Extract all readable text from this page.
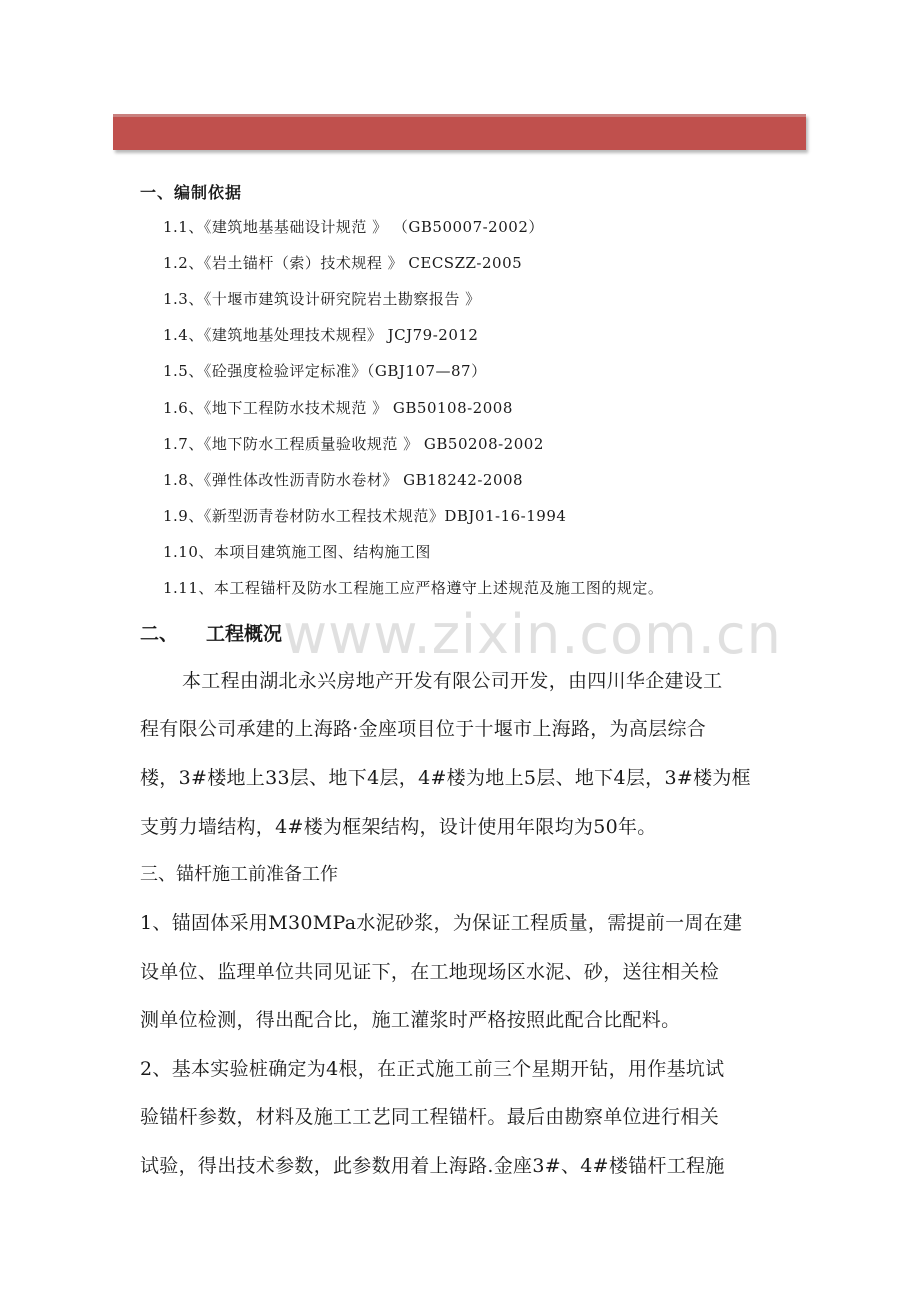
一、编制依据
1.1、《建筑地基基础设计规范 》 （GB50007-2002）
1.2、《岩土锚杆（索）技术规程 》 CECSZZ-2005
1.3、《十堰市建筑设计研究院岩土勘察报告 》
1.4、《建筑地基处理技术规程》 JCJ79-2012
1.5、《砼强度检验评定标准》（GBJ107—87）
1.6、《地下工程防水技术规范 》 GB50108-2008
1.7、《地下防水工程质量验收规范 》 GB50208-2002
1.8、《弹性体改性沥青防水卷材》 GB18242-2008
1.9、《新型沥青卷材防水工程技术规范》DBJ01-16-1994
1.10、本项目建筑施工图、结构施工图
1.11、本工程锚杆及防水工程施工应严格遵守上述规范及施工图的规定。
www.zixin.com.cn
二、 工程概况
本工程由湖北永兴房地产开发有限公司开发，由四川华企建设工
程有限公司承建的上海路·金座项目位于十堰市上海路，为高层综合
楼，3#楼地上33层、地下4层，4#楼为地上5层、地下4层，3#楼为框
支剪力墙结构，4#楼为框架结构，设计使用年限均为50年。
三、锚杆施工前准备工作
1、锚固体采用M30MPa水泥砂浆，为保证工程质量，需提前一周在建
设单位、监理单位共同见证下，在工地现场区水泥、砂，送往相关检
测单位检测，得出配合比，施工灌浆时严格按照此配合比配料。
2、基本实验桩确定为4根，在正式施工前三个星期开钻，用作基坑试
验锚杆参数，材料及施工工艺同工程锚杆。最后由勘察单位进行相关
试验，得出技术参数，此参数用着上海路.金座3#、4#楼锚杆工程施
